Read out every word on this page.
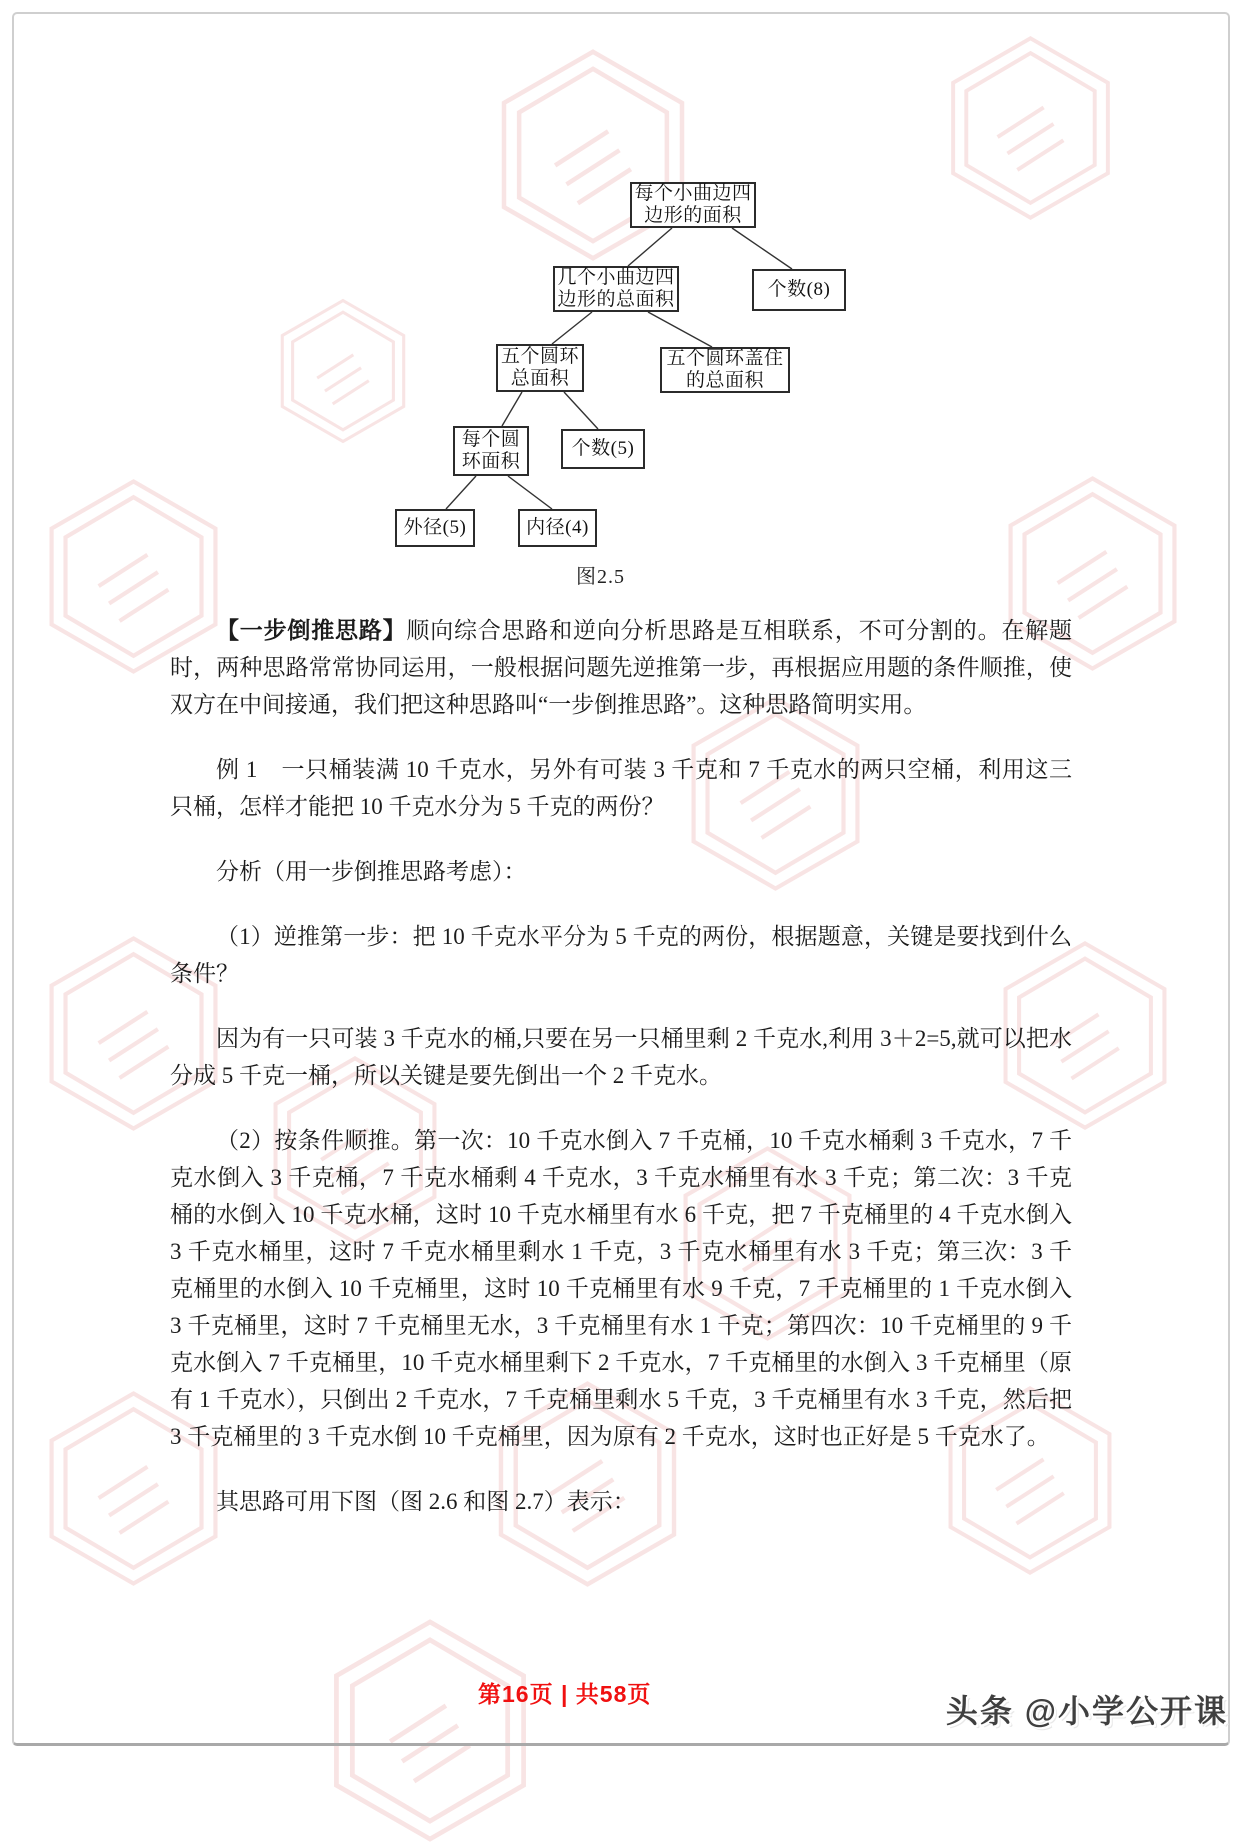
每个小曲边四
边形的面积
几个小曲边四
边形的总面积	个数(8)
五个圆环
总面积
五个圆环盖住
的总面积
每个圆
环面积
个数(5)
外径(5)	内径(4)
图2.5

【一步倒推思路】顺向综合思路和逆向分析思路是互相联系，不可分割的。在解题时，两种思路常常协同运用，一般根据问题先逆推第一步，再根据应用题的条件顺推，使双方在中间接通，我们把这种思路叫“一步倒推思路”。这种思路简明实用。

例 1　一只桶装满 10 千克水，另外有可装 3 千克和 7 千克水的两只空桶，利用这三只桶，怎样才能把 10 千克水分为 5 千克的两份？

分析（用一步倒推思路考虑）：

（1）逆推第一步：把 10 千克水平分为 5 千克的两份，根据题意，关键是要找到什么条件？

因为有一只可装 3 千克水的桶,只要在另一只桶里剩 2 千克水,利用 3＋2=5,就可以把水分成 5 千克一桶，所以关键是要先倒出一个 2 千克水。

（2）按条件顺推。第一次：10 千克水倒入 7 千克桶，10 千克水桶剩 3 千克水，7 千克水倒入 3 千克桶，7 千克水桶剩 4 千克水，3 千克水桶里有水 3 千克；第二次：3 千克桶的水倒入 10 千克水桶，这时 10 千克水桶里有水 6 千克，把 7 千克桶里的 4 千克水倒入 3 千克水桶里，这时 7 千克水桶里剩水 1 千克，3 千克水桶里有水 3 千克；第三次：3 千克桶里的水倒入 10 千克桶里，这时 10 千克桶里有水 9 千克，7 千克桶里的 1 千克水倒入 3 千克桶里，这时 7 千克桶里无水，3 千克桶里有水 1 千克；第四次：10 千克桶里的 9 千克水倒入 7 千克桶里，10 千克水桶里剩下 2 千克水，7 千克桶里的水倒入 3 千克桶里（原有 1 千克水），只倒出 2 千克水，7 千克桶里剩水 5 千克，3 千克桶里有水 3 千克，然后把 3 千克桶里的 3 千克水倒 10 千克桶里，因为原有 2 千克水，这时也正好是 5 千克水了。

其思路可用下图（图 2.6 和图 2.7）表示：

第16页 | 共58页	头条 @小学公开课
